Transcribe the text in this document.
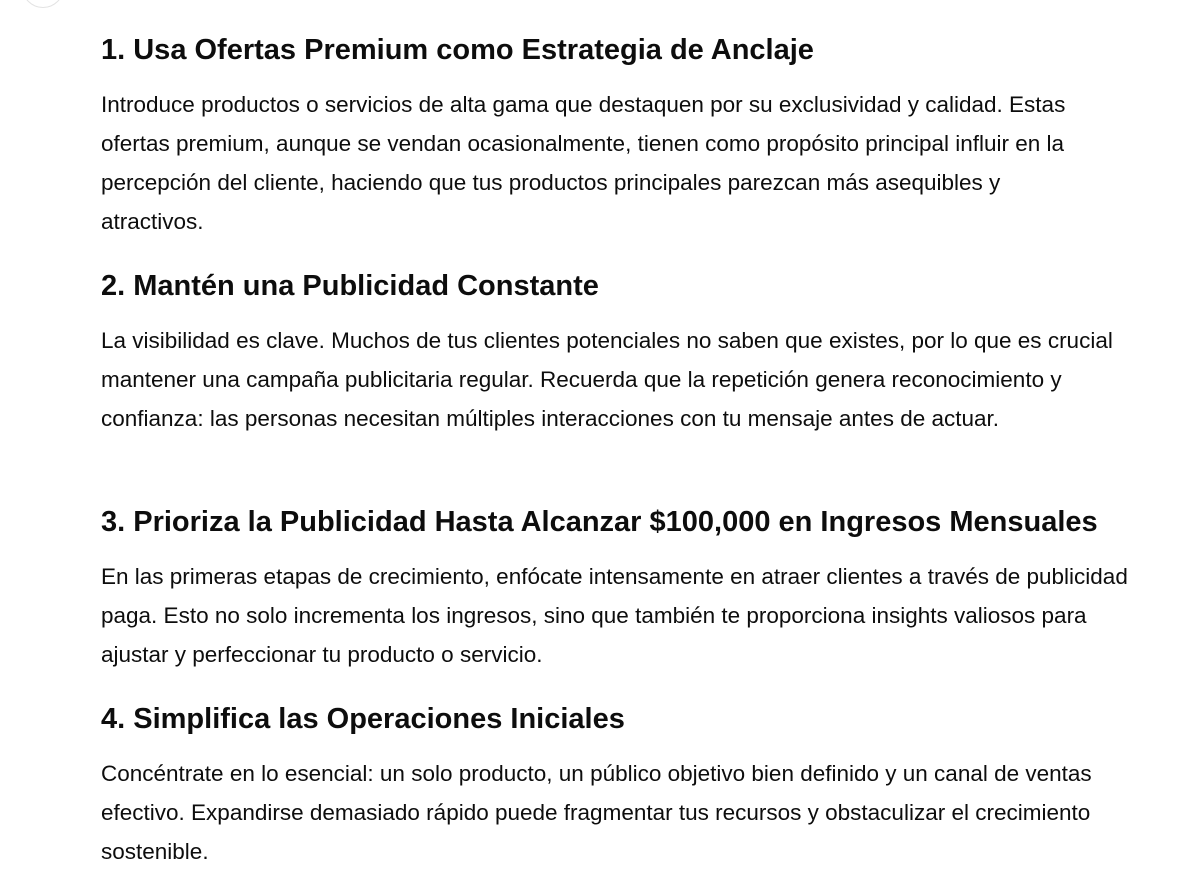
1. Usa Ofertas Premium como Estrategia de Anclaje

Introduce productos o servicios de alta gama que destaquen por su exclusividad y calidad. Estas ofertas premium, aunque se vendan ocasionalmente, tienen como propósito principal influir en la percepción del cliente, haciendo que tus productos principales parezcan más asequibles y atractivos.

2. Mantén una Publicidad Constante

La visibilidad es clave. Muchos de tus clientes potenciales no saben que existes, por lo que es crucial mantener una campaña publicitaria regular. Recuerda que la repetición genera reconocimiento y confianza: las personas necesitan múltiples interacciones con tu mensaje antes de actuar.

3. Prioriza la Publicidad Hasta Alcanzar $100,000 en Ingresos Mensuales

En las primeras etapas de crecimiento, enfócate intensamente en atraer clientes a través de publicidad paga. Esto no solo incrementa los ingresos, sino que también te proporciona insights valiosos para ajustar y perfeccionar tu producto o servicio.

4. Simplifica las Operaciones Iniciales

Concéntrate en lo esencial: un solo producto, un público objetivo bien definido y un canal de ventas efectivo. Expandirse demasiado rápido puede fragmentar tus recursos y obstaculizar el crecimiento sostenible.
